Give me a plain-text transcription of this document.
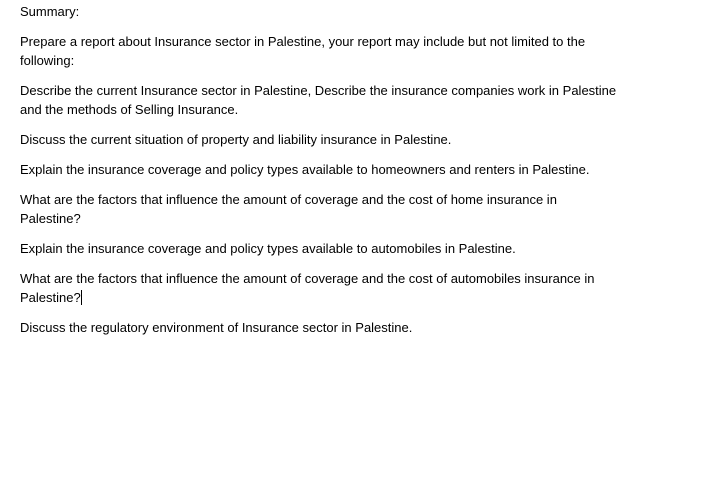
Summary:
Prepare a report about Insurance sector in Palestine, your report may include but not limited to the
following:
Describe the current Insurance sector in Palestine, Describe the insurance companies work in Palestine
and the methods of Selling Insurance.
Discuss the current situation of property and liability insurance in Palestine.
Explain the insurance coverage and policy types available to homeowners and renters in Palestine.
What are the factors that influence the amount of coverage and the cost of home insurance in
Palestine?
Explain the insurance coverage and policy types available to automobiles in Palestine.
What are the factors that influence the amount of coverage and the cost of automobiles insurance in
Palestine?
Discuss the regulatory environment of Insurance sector in Palestine.
